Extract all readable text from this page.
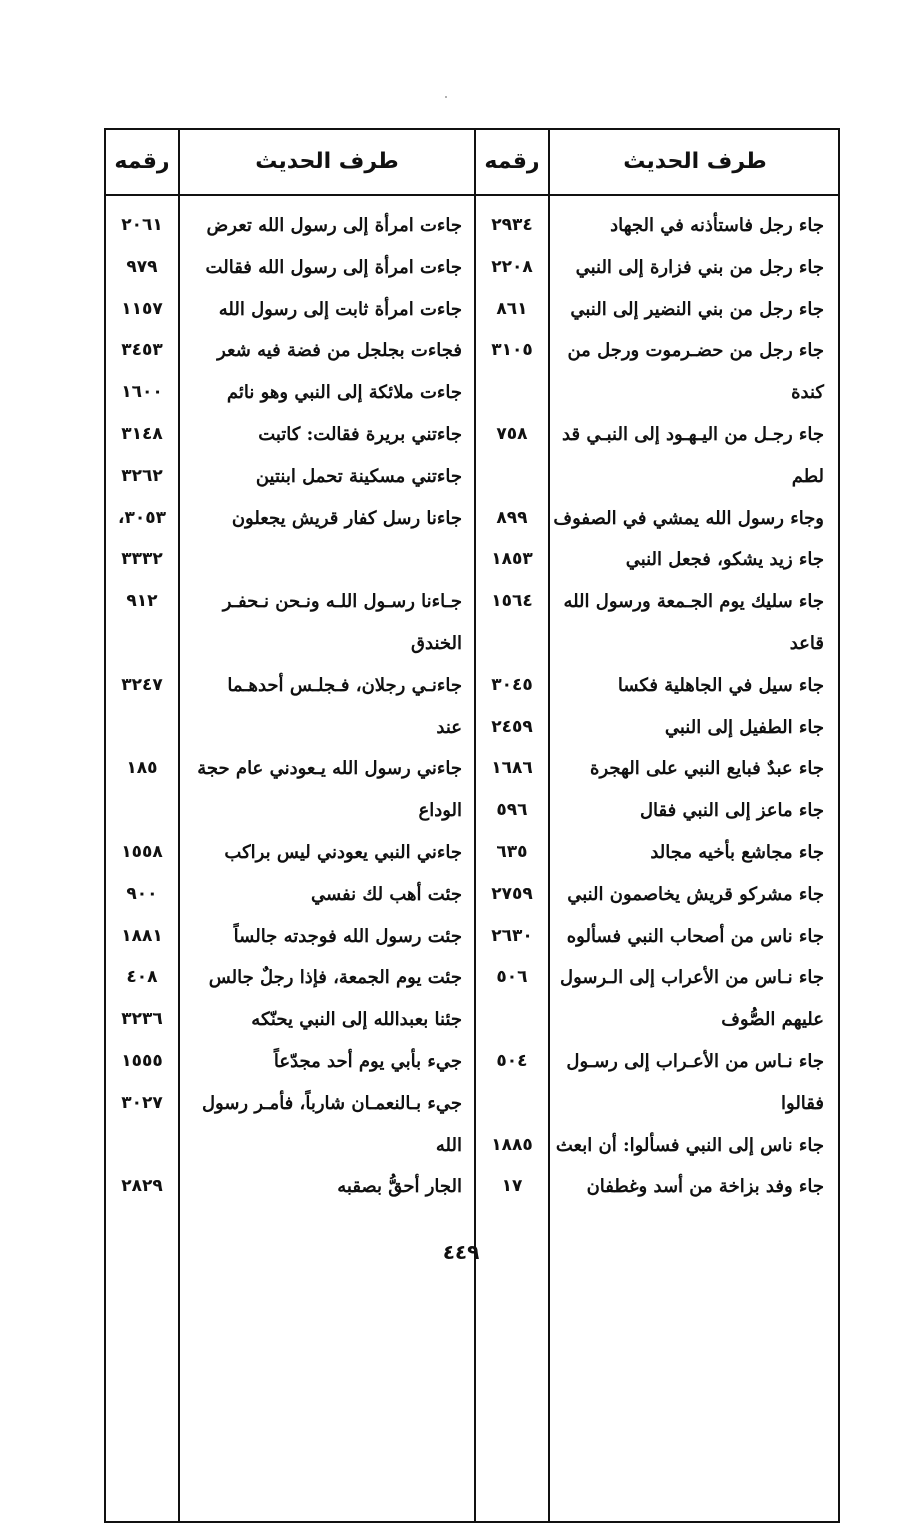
طرف الحديث
رقمه
طرف الحديث
رقمه
جاء رجل فاستأذنه في الجهاد
جاء رجل من بني فزارة إلى النبي
جاء رجل من بني النضير إلى النبي
جاء رجل من حضـرموت ورجل من
كندة
جاء رجـل من اليـهـود إلى النبـي قد
لطم
وجاء رسول الله يمشي في الصفوف
جاء زيد يشكو، فجعل النبي
جاء سليك يوم الجـمعة ورسول الله
قاعد
جاء سيل في الجاهلية فكسا
جاء الطفيل إلى النبي
جاء عبدٌ فبايع النبي على الهجرة
جاء ماعز إلى النبي فقال
جاء مجاشع بأخيه مجالد
جاء مشركو قريش يخاصمون النبي
جاء ناس من أصحاب النبي فسألوه
جاء نـاس من الأعراب إلى الـرسول
عليهم الصُّوف
جاء نـاس من الأعـراب إلى رسـول
فقالوا
جاء ناس إلى النبي فسألوا: أن ابعث
جاء وفد بزاخة من أسد وغطفان
٢٩٣٤
٢٢٠٨
٨٦١
٣١٠٥
٧٥٨
٨٩٩
١٨٥٣
١٥٦٤
٣٠٤٥
٢٤٥٩
١٦٨٦
٥٩٦
٦٣٥
٢٧٥٩
٢٦٣٠
٥٠٦
٥٠٤
١٨٨٥
١٧
جاءت امرأة إلى رسول الله تعرض
جاءت امرأة إلى رسول الله فقالت
جاءت امرأة ثابت إلى رسول الله
فجاءت بجلجل من فضة فيه شعر
جاءت ملائكة إلى النبي وهو نائم
جاءتني بريرة فقالت: كاتبت
جاءتني مسكينة تحمل ابنتين
جاءنا رسل كفار قريش يجعلون
جـاءنا رسـول اللـه ونـحن نـحفـر
الخندق
جاءنـي رجلان، فـجلـس أحدهـما
عند
جاءني رسول الله يـعودني عام حجة
الوداع
جاءني النبي يعودني ليس براكب
جئت أهب لك نفسي
جئت رسول الله فوجدته جالساً
جئت يوم الجمعة، فإذا رجلٌ جالس
جئنا بعبدالله إلى النبي يحنّكه
جيء بأبي يوم أحد مجدّعاً
جيء بـالنعمـان شارباً، فأمـر رسول
الله
الجار أحقُّ بصقبه
٢٠٦١
٩٧٩
١١٥٧
٣٤٥٣
١٦٠٠
٣١٤٨
٣٢٦٢
٣٠٥٣،
٣٣٣٢
٩١٢
٣٢٤٧
١٨٥
١٥٥٨
٩٠٠
١٨٨١
٤٠٨
٣٢٣٦
١٥٥٥
٣٠٢٧
٢٨٢٩
٤٤٩
